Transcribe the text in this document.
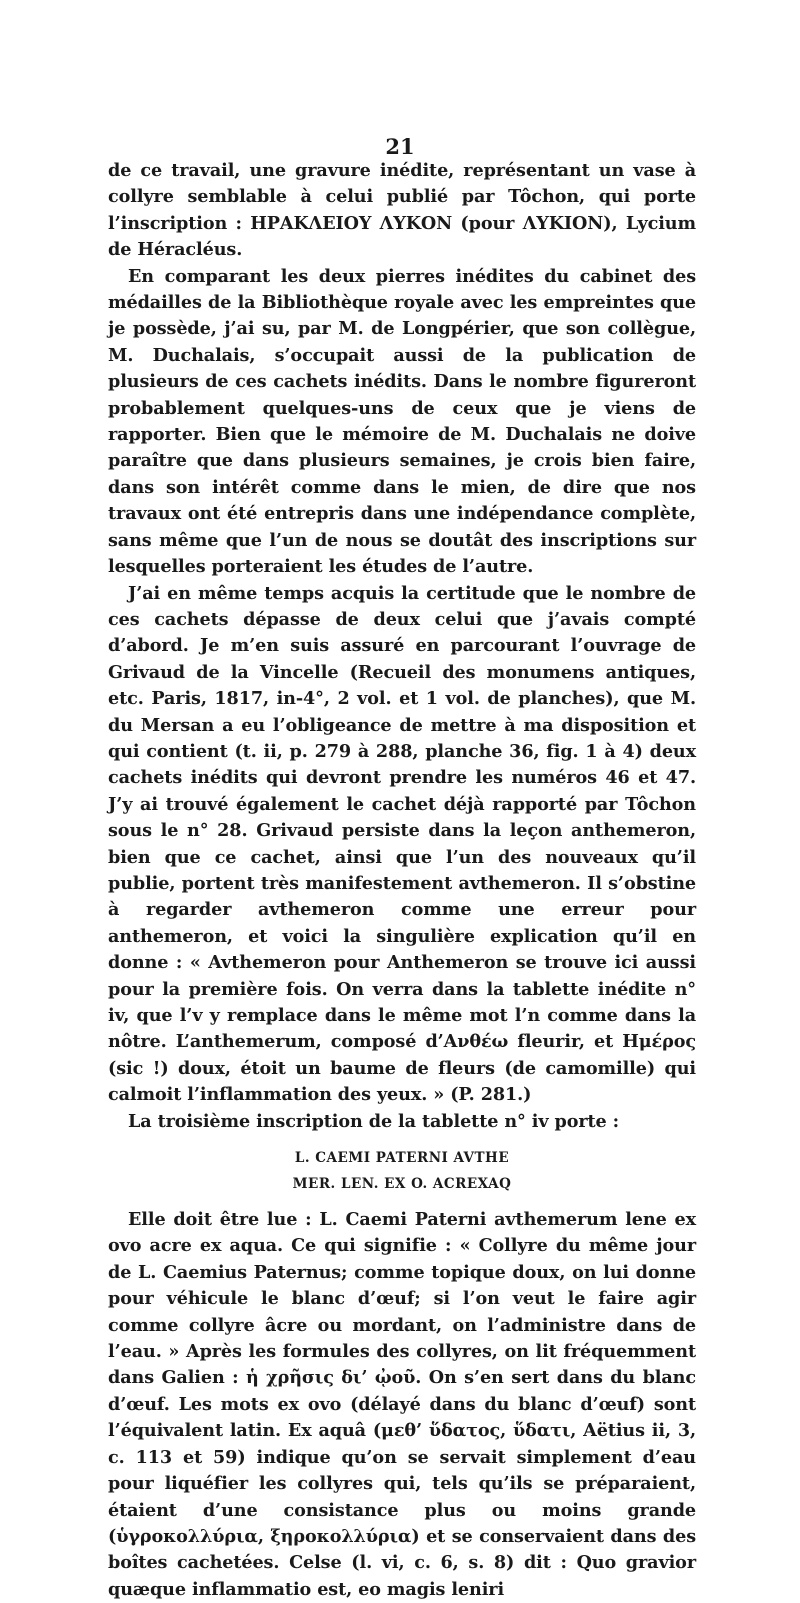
21

de ce travail, une gravure inédite, représentant un vase à collyre semblable à celui publié par Tôchon, qui porte l’inscription : ΗΡΑΚΛΕΙΟΥ ΛΥΚΟΝ (pour ΛΥΚΙΟΝ), Lycium de Héracléus.

En comparant les deux pierres inédites du cabinet des médailles de la Bibliothèque royale avec les empreintes que je possède, j’ai su, par M. de Longpérier, que son collègue, M. Duchalais, s’occupait aussi de la publication de plusieurs de ces cachets inédits. Dans le nombre figureront probablement quelques-uns de ceux que je viens de rapporter. Bien que le mémoire de M. Duchalais ne doive paraître que dans plusieurs semaines, je crois bien faire, dans son intérêt comme dans le mien, de dire que nos travaux ont été entrepris dans une indépendance complète, sans même que l’un de nous se doutât des inscriptions sur lesquelles porteraient les études de l’autre.

J’ai en même temps acquis la certitude que le nombre de ces cachets dépasse de deux celui que j’avais compté d’abord. Je m’en suis assuré en parcourant l’ouvrage de Grivaud de la Vincelle (Recueil des monumens antiques, etc. Paris, 1817, in-4°, 2 vol. et 1 vol. de planches), que M. du Mersan a eu l’obligeance de mettre à ma disposition et qui contient (t. ii, p. 279 à 288, planche 36, fig. 1 à 4) deux cachets inédits qui devront prendre les numéros 46 et 47. J’y ai trouvé également le cachet déjà rapporté par Tôchon sous le n° 28. Grivaud persiste dans la leçon anthemeron, bien que ce cachet, ainsi que l’un des nouveaux qu’il publie, portent très manifestement avthemeron. Il s’obstine à regarder avthemeron comme une erreur pour anthemeron, et voici la singulière explication qu’il en donne : « Avthemeron pour Anthemeron se trouve ici aussi pour la première fois. On verra dans la tablette inédite n° iv, que l’v y remplace dans le même mot l’n comme dans la nôtre. L’anthemerum, composé d’Ανθέω fleurir, et Ημέρος (sic !) doux, étoit un baume de fleurs (de camomille) qui calmoit l’inflammation des yeux. » (P. 281.)

La troisième inscription de la tablette n° iv porte :

L. CAEMI PATERNI AVTHE
MER. LEN. EX O. ACREXAQ

Elle doit être lue : L. Caemi Paterni avthemerum lene ex ovo acre ex aqua. Ce qui signifie : « Collyre du même jour de L. Caemius Paternus; comme topique doux, on lui donne pour véhicule le blanc d’œuf; si l’on veut le faire agir comme collyre âcre ou mordant, on l’administre dans de l’eau. » Après les formules des collyres, on lit fréquemment dans Galien : ἡ χρῆσις δι’ ᾠοῦ. On s’en sert dans du blanc d’œuf. Les mots ex ovo (délayé dans du blanc d’œuf) sont l’équivalent latin. Ex aquâ (μεθ’ ὕδατος, ὕδατι, Aëtius ii, 3, c. 113 et 59) indique qu’on se servait simplement d’eau pour liquéfier les collyres qui, tels qu’ils se préparaient, étaient d’une consistance plus ou moins grande (ὑγροκολλύρια, ξηροκολλύρια) et se conservaient dans des boîtes cachetées. Celse (l. vi, c. 6, s. 8) dit : Quo gravior quæque inflammatio est, eo magis leniri
